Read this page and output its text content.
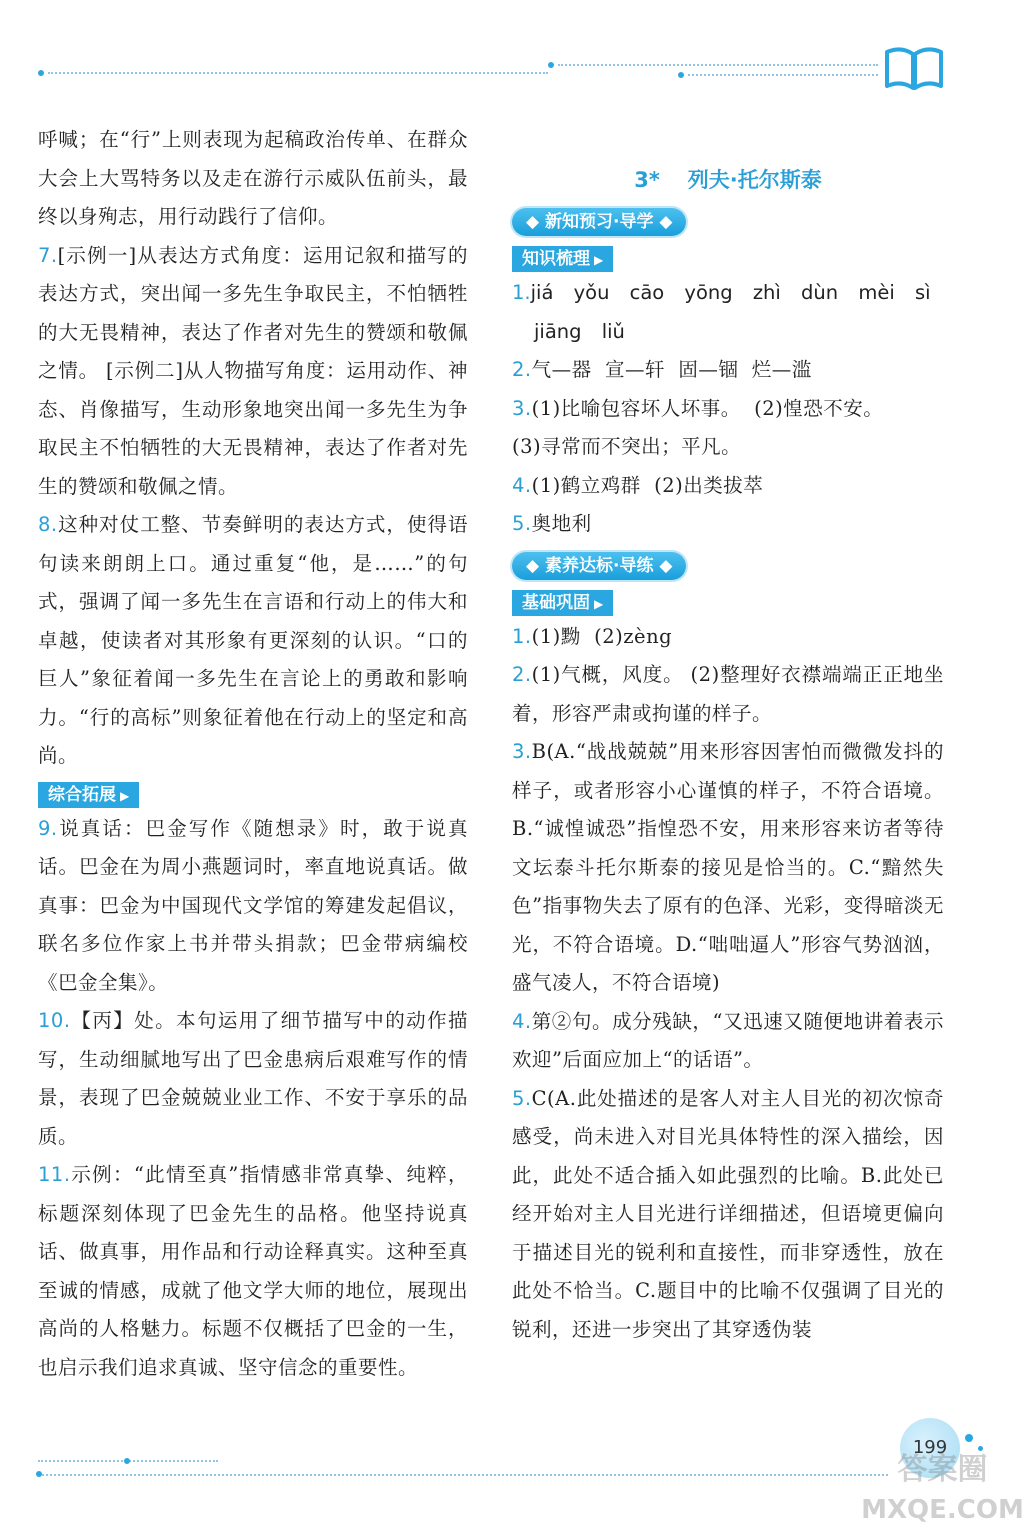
呼喊；在“行”上则表现为起稿政治传单、在群众大会上大骂特务以及走在游行示威队伍前头，最终以身殉志，用行动践行了信仰。

7.[示例一]从表达方式角度：运用记叙和描写的表达方式，突出闻一多先生争取民主，不怕牺牲的大无畏精神，表达了作者对先生的赞颂和敬佩之情。 [示例二]从人物描写角度：运用动作、神态、肖像描写，生动形象地突出闻一多先生为争取民主不怕牺牲的大无畏精神，表达了作者对先生的赞颂和敬佩之情。

8.这种对仗工整、节奏鲜明的表达方式，使得语句读来朗朗上口。通过重复“他，是……”的句式，强调了闻一多先生在言语和行动上的伟大和卓越，使读者对其形象有更深刻的认识。“口的巨人”象征着闻一多先生在言论上的勇敢和影响力。“行的高标”则象征着他在行动上的坚定和高尚。

综合拓展 ▶

9.说真话：巴金写作《随想录》时，敢于说真话。巴金在为周小燕题词时，率直地说真话。做真事：巴金为中国现代文学馆的筹建发起倡议，联名多位作家上书并带头捐款；巴金带病编校《巴金全集》。

10.【丙】处。本句运用了细节描写中的动作描写，生动细腻地写出了巴金患病后艰难写作的情景，表现了巴金兢兢业业工作、不安于享乐的品质。

11.示例：“此情至真”指情感非常真挚、纯粹，标题深刻体现了巴金先生的品格。他坚持说真话、做真事，用作品和行动诠释真实。这种至真至诚的情感，成就了他文学大师的地位，展现出高尚的人格魅力。标题不仅概括了巴金的一生，也启示我们追求真诚、坚守信念的重要性。

3* 列夫·托尔斯泰
◆ 新知预习·导学 ◆
知识梳理 ▶

1.jiá yǒu cāo yōng zhì dùn mèi sì

jiāng liǔ

2.气—器  宣—轩  固—锢  烂—滥

3.(1)比喻包容坏人坏事。  (2)惶恐不安。

(3)寻常而不突出；平凡。

4.(1)鹤立鸡群  (2)出类拔萃

5.奥地利

◆ 素养达标·导练 ◆
基础巩固 ▶

1.(1)黝  (2)zèng

2.(1)气概，风度。 (2)整理好衣襟端端正正地坐着，形容严肃或拘谨的样子。

3.B(A.“战战兢兢”用来形容因害怕而微微发抖的样子，或者形容小心谨慎的样子，不符合语境。B.“诚惶诚恐”指惶恐不安，用来形容来访者等待文坛泰斗托尔斯泰的接见是恰当的。C.“黯然失色”指事物失去了原有的色泽、光彩，变得暗淡无光，不符合语境。D.“咄咄逼人”形容气势汹汹，盛气凌人，不符合语境)

4.第②句。成分残缺，“又迅速又随便地讲着表示欢迎”后面应加上“的话语”。

5.C(A.此处描述的是客人对主人目光的初次惊奇感受，尚未进入对目光具体特性的深入描绘，因此，此处不适合插入如此强烈的比喻。B.此处已经开始对主人目光进行详细描述，但语境更偏向于描述目光的锐利和直接性，而非穿透性，放在此处不恰当。C.题目中的比喻不仅强调了目光的锐利，还进一步突出了其穿透伪装

199
答案圈
MXQE.COM
